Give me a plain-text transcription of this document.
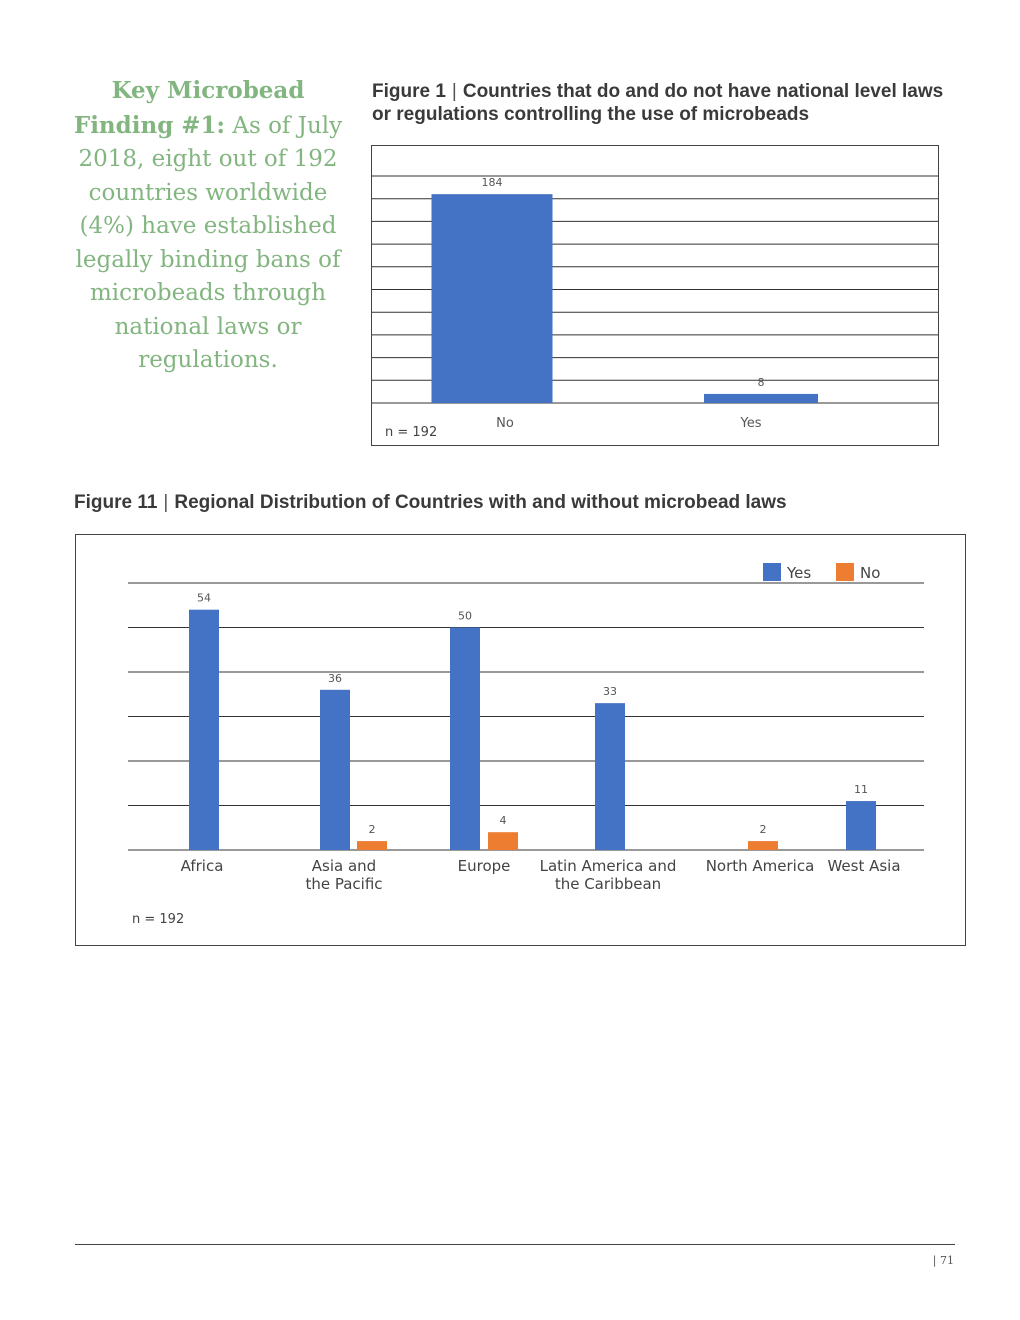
Key Microbead Finding #1: As of July 2018, eight out of 192 countries worldwide (4%) have established legally binding bans of microbeads through national laws or regulations.
Figure 1 | Countries that do and do not have national level laws or regulations controlling the use of microbeads
184
No
8
Yes
n = 192
Figure 11 | Regional Distribution of Countries with and without microbead laws
54
36
50
33
11
2
4
2
Africa	Asia and
the Pacific
Europe Latin America and
the Caribbean
North America West Asia
Yes	No
n = 192
| 71
